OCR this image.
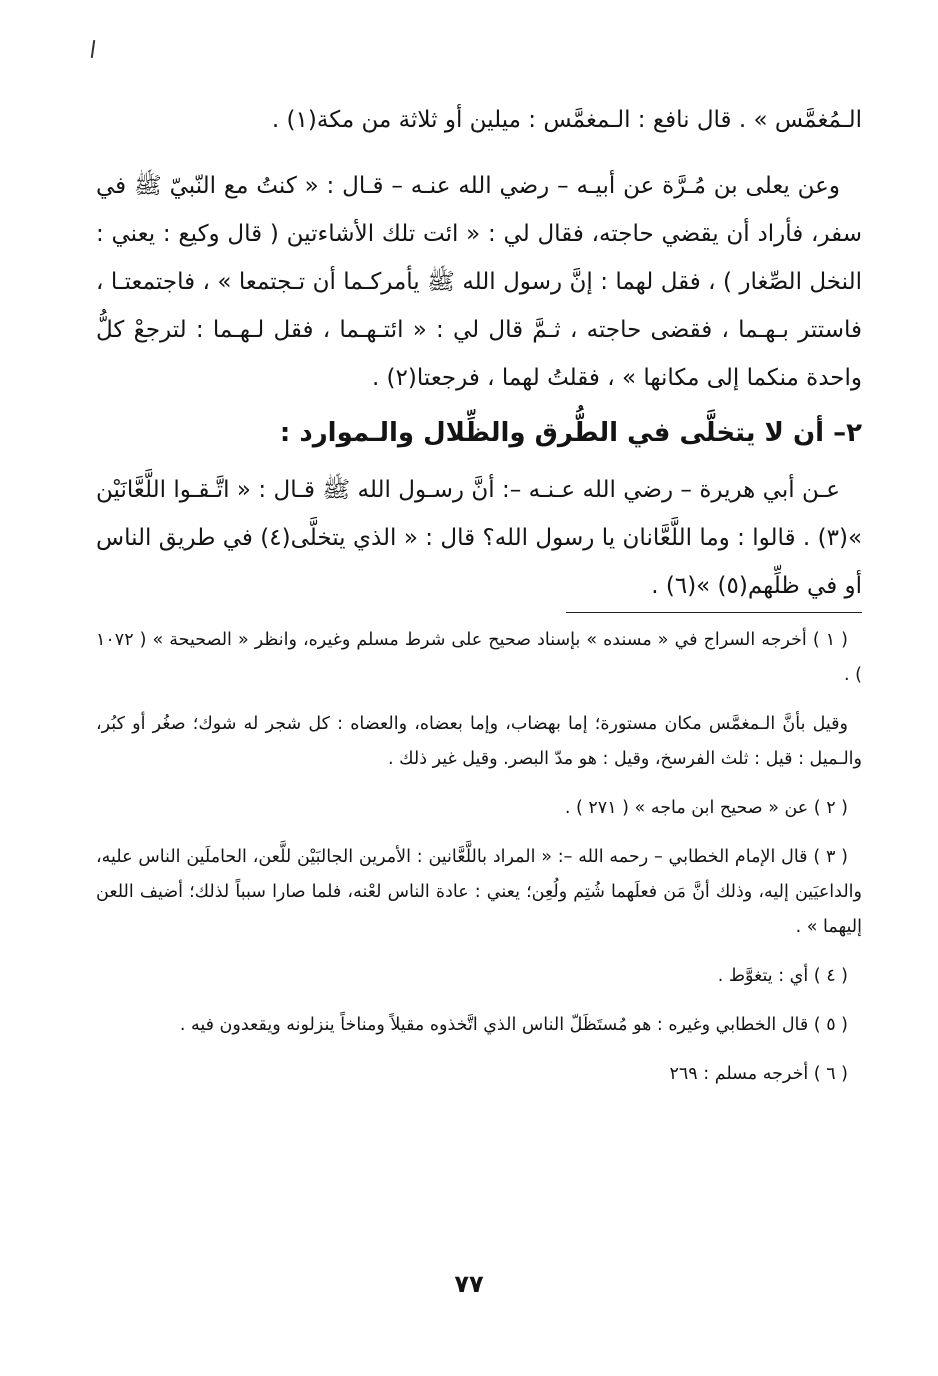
الـمُغمَّس » . قال نافع : الـمغمَّس : ميلين أو ثلاثة من مكة(١) .

وعن يعلى بن مُـرَّة عن أبيـه – رضي الله عنـه – قـال : « كنتُ مع النّبيّ ﷺ في سفر، فأراد أن يقضي حاجته، فقال لي : « ائت تلك الأشاءتين ( قال وكيع : يعني : النخل الصِّغار ) ، فقل لهما : إنَّ رسول الله ﷺ يأمركـما أن تـجتمعا » ، فاجتمعتـا ، فاستتر بـهـما ، فقضى حاجته ، ثـمَّ قال لي : « ائتـهـما ، فقل لـهـما : لترجعْ كلُّ واحدة منكما إلى مكانها » ، فقلتُ لهما ، فرجعتا(٢) .

٢– أن لا يتخلَّى في الطُّرق والظِّلال والـموارد :

عـن أبي هريرة – رضي الله عـنـه –: أنَّ رسـول الله ﷺ قـال : « اتَّـقـوا اللَّعَّانَيْن »(٣) . قالوا : وما اللَّعَّانان يا رسول الله؟ قال : « الذي يتخلَّى(٤) في طريق الناس أو في ظلِّهم(٥) »(٦) .

( ١ ) أخرجه السراج في « مسنده » بإسناد صحيح على شرط مسلم وغيره، وانظر « الصحيحة » ( ١٠٧٢ ) .

وقيل بأنَّ الـمغمَّس مكان مستورة؛ إما بهضاب، وإما بعضاه، والعضاه : كل شجر له شوك؛ صغُر أو كبُر، والـميل : قيل : ثلث الفرسخ، وقيل : هو مدّ البصر. وقيل غير ذلك .

( ٢ ) عن « صحيح ابن ماجه » ( ٢٧١ ) .

( ٣ ) قال الإمام الخطابي – رحمه الله –: « المراد باللَّعَّانين : الأمرين الجالبَيْن للَّعن، الحاملَين الناس عليه، والداعيَين إليه، وذلك أنَّ مَن فعلَهما شُتِم ولُعِن؛ يعني : عادة الناس لعْنه، فلما صارا سبباً لذلك؛ أضيف اللعن إليهما » .

( ٤ ) أي : يتغوَّط .

( ٥ ) قال الخطابي وغيره : هو مُستَظَلّ الناس الذي اتَّخذوه مقيلاً ومناخاً ينزلونه ويقعدون فيه .

( ٦ ) أخرجه مسلم : ٢٦٩

٧٧
